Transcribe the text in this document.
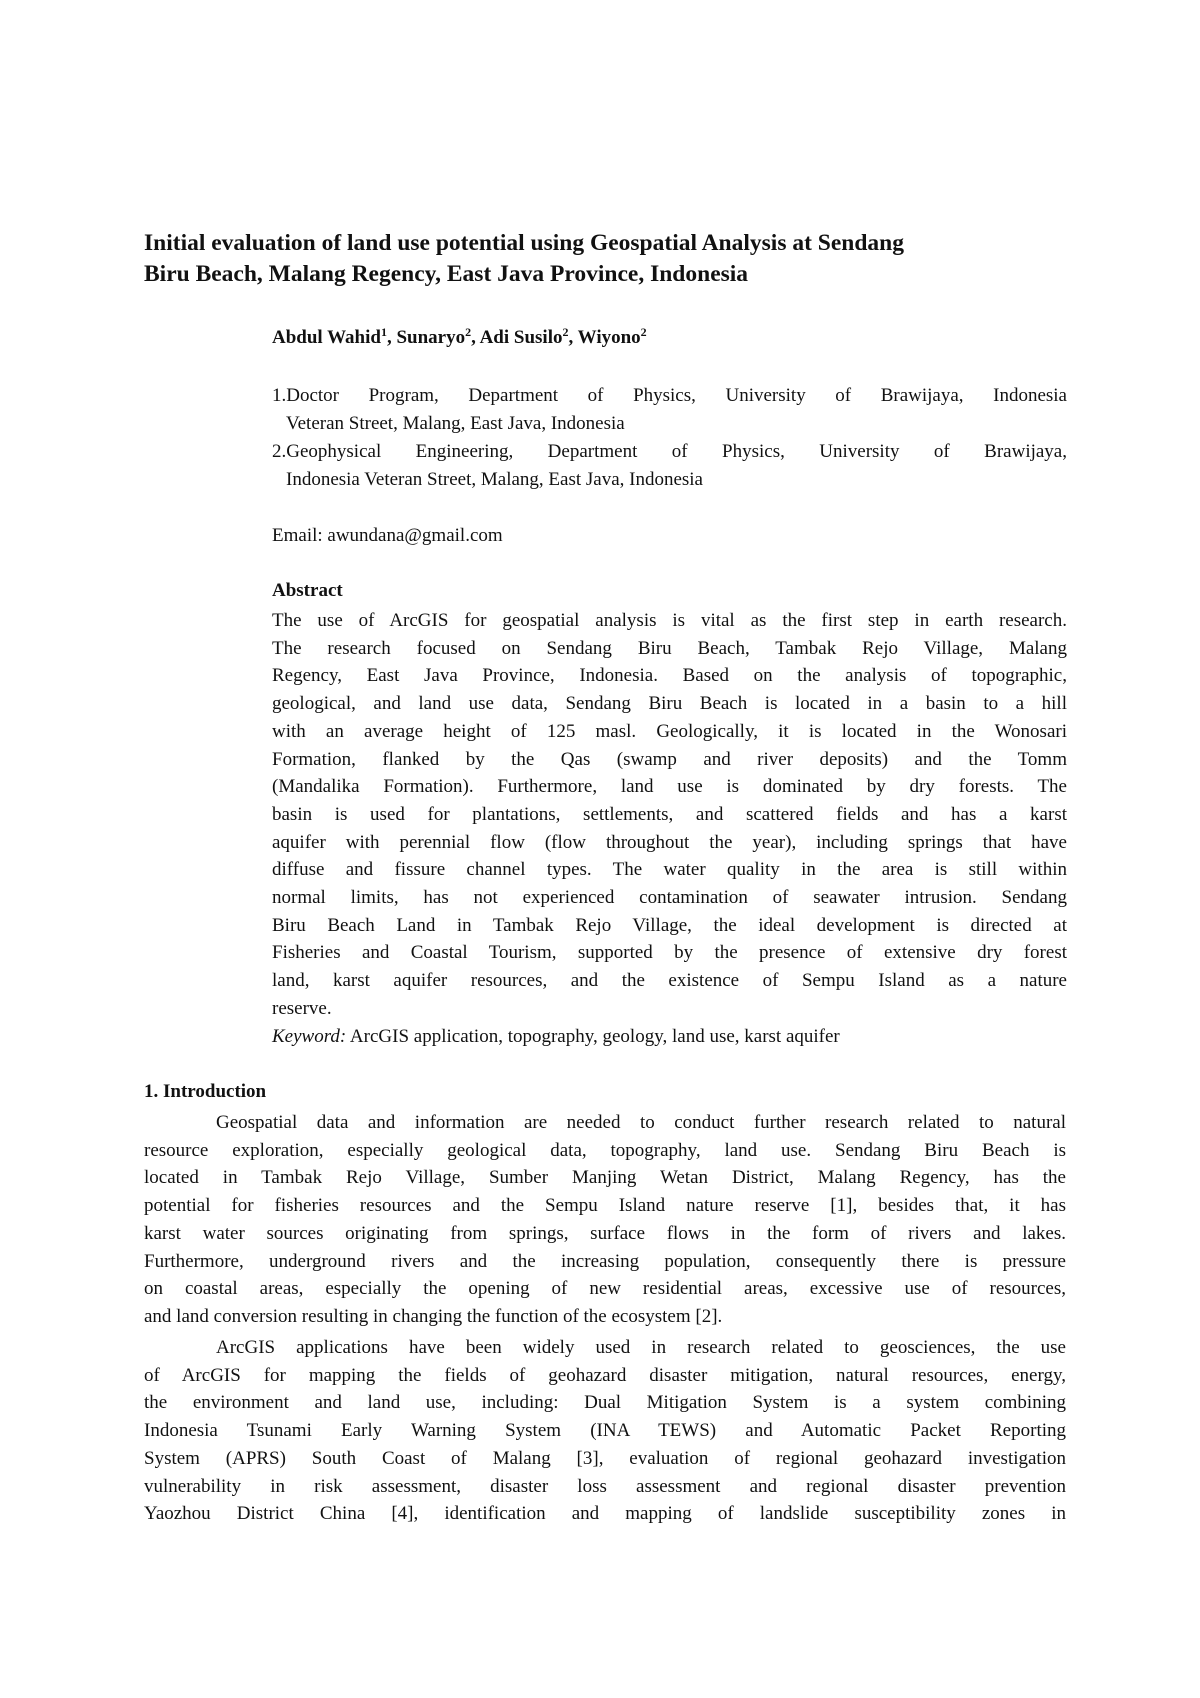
Initial evaluation of land use potential using Geospatial Analysis at Sendang
Biru Beach, Malang Regency, East Java Province, Indonesia

Abdul Wahid$^1$, Sunaryo$^2$, Adi Susilo$^2$, Wiyono$^2$

1.Doctor Program, Department of Physics, University of Brawijaya, Indonesia
Veteran Street, Malang, East Java, Indonesia

2.Geophysical Engineering, Department of Physics, University of Brawijaya,
Indonesia Veteran Street, Malang, East Java, Indonesia

Email: awundana@gmail.com

Abstract
The use of ArcGIS for geospatial analysis is vital as the first step in earth research.
The research focused on Sendang Biru Beach, Tambak Rejo Village, Malang
Regency, East Java Province, Indonesia. Based on the analysis of topographic,
geological, and land use data, Sendang Biru Beach is located in a basin to a hill
with an average height of 125 masl. Geologically, it is located in the Wonosari
Formation, flanked by the Qas (swamp and river deposits) and the Tomm
(Mandalika Formation). Furthermore, land use is dominated by dry forests. The
basin is used for plantations, settlements, and scattered fields and has a karst
aquifer with perennial flow (flow throughout the year), including springs that have
diffuse and fissure channel types. The water quality in the area is still within
normal limits, has not experienced contamination of seawater intrusion. Sendang
Biru Beach Land in Tambak Rejo Village, the ideal development is directed at
Fisheries and Coastal Tourism, supported by the presence of extensive dry forest
land, karst aquifer resources, and the existence of Sempu Island as a nature
reserve.

Keyword: ArcGIS application, topography, geology, land use, karst aquifer

1. Introduction
Geospatial data and information are needed to conduct further research related to natural
resource exploration, especially geological data, topography, land use. Sendang Biru Beach is
located in Tambak Rejo Village, Sumber Manjing Wetan District, Malang Regency, has the
potential for fisheries resources and the Sempu Island nature reserve [1], besides that, it has
karst water sources originating from springs, surface flows in the form of rivers and lakes.
Furthermore, underground rivers and the increasing population, consequently there is pressure
on coastal areas, especially the opening of new residential areas, excessive use of resources,
and land conversion resulting in changing the function of the ecosystem [2].
ArcGIS applications have been widely used in research related to geosciences, the use
of ArcGIS for mapping the fields of geohazard disaster mitigation, natural resources, energy,
the environment and land use, including: Dual Mitigation System is a system combining
Indonesia Tsunami Early Warning System (INA TEWS) and Automatic Packet Reporting
System (APRS) South Coast of Malang [3], evaluation of regional geohazard investigation
vulnerability in risk assessment, disaster loss assessment and regional disaster prevention
Yaozhou District China [4], identification and mapping of landslide susceptibility zones in
